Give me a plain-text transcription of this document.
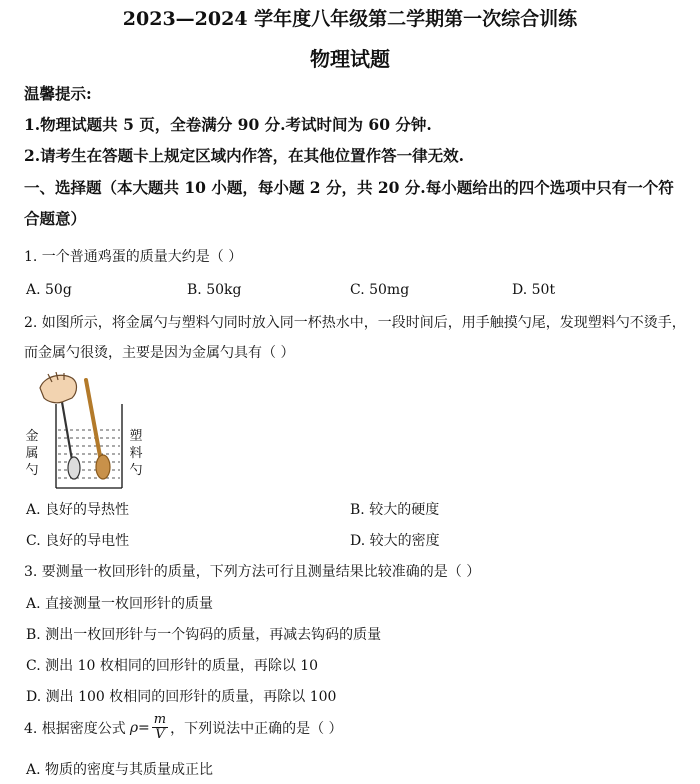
2023—2024 学年度八年级第二学期第一次综合训练
物理试题
温馨提示:
1.物理试题共 5 页，全卷满分 90 分.考试时间为 60 分钟.
2.请考生在答题卡上规定区域内作答，在其他位置作答一律无效.
一、选择题（本大题共 10 小题，每小题 2 分，共 20 分.每小题给出的四个选项中只有一个符
合题意）
1. 一个普通鸡蛋的质量大约是（ ）
A. 50g	B. 50kg	C. 50mg	D. 50t
2. 如图所示，将金属勺与塑料勺同时放入同一杯热水中，一段时间后，用手触摸勺尾，发现塑料勺不烫手，
而金属勺很烫，主要是因为金属勺具有（ ）
金
属
勺
塑
料
勺
A. 良好的导热性	B. 较大的硬度
C. 良好的导电性	D. 较大的密度
3. 要测量一枚回形针的质量，下列方法可行且测量结果比较准确的是（ ）
A. 直接测量一枚回形针的质量
B. 测出一枚回形针与一个钩码的质量，再减去钩码的质量
C. 测出 10 枚相同的回形针的质量，再除以 10
D. 测出 100 枚相同的回形针的质量，再除以 100
4. 根据密度公式 $\rho = \frac{m}{V}$ ，下列说法中正确的是（ ）
A. 物质的密度与其质量成正比
